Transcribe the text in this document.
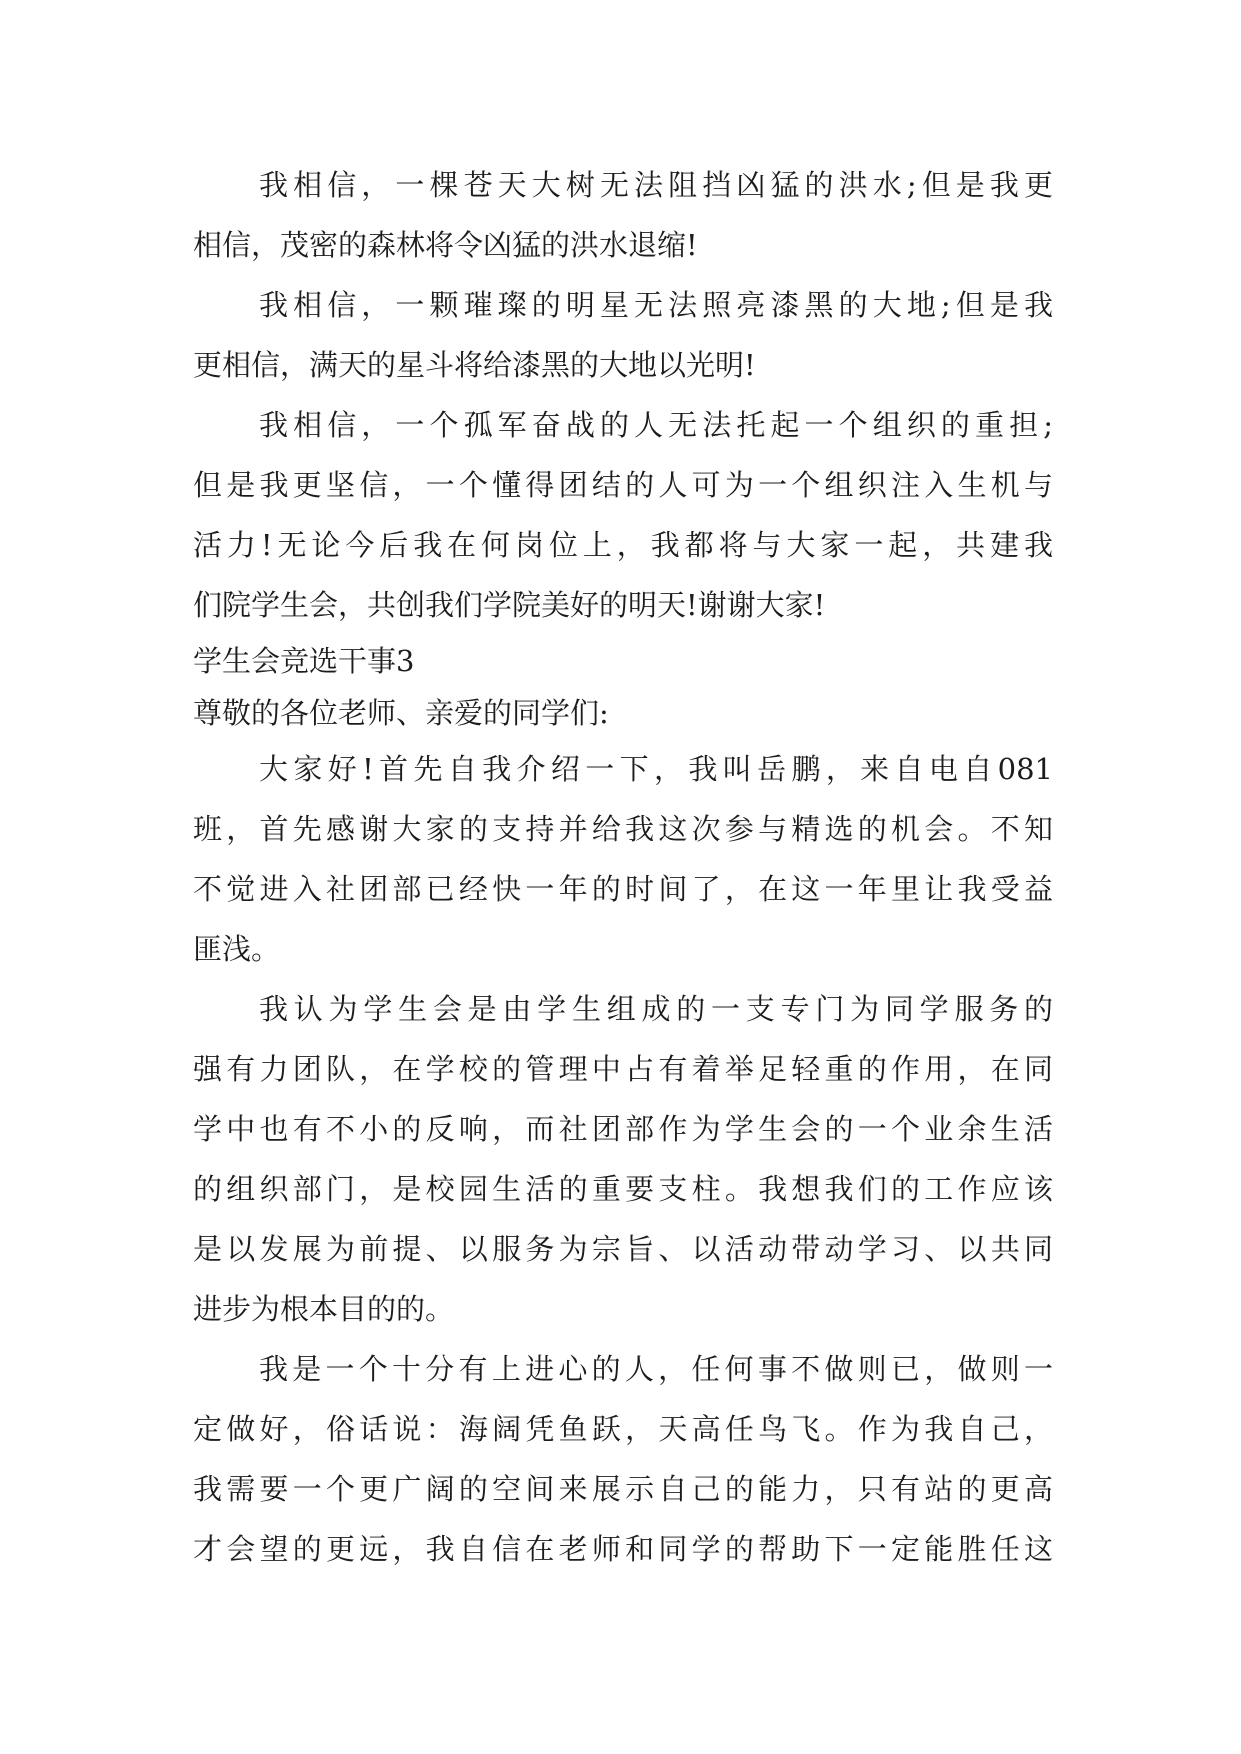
我相信，一棵苍天大树无法阻挡凶猛的洪水;但是我更
相信，茂密的森林将令凶猛的洪水退缩!
我相信，一颗璀璨的明星无法照亮漆黑的大地;但是我
更相信，满天的星斗将给漆黑的大地以光明!
我相信，一个孤军奋战的人无法托起一个组织的重担;
但是我更坚信，一个懂得团结的人可为一个组织注入生机与
活力!无论今后我在何岗位上，我都将与大家一起，共建我
们院学生会，共创我们学院美好的明天!谢谢大家!
学生会竞选干事3
尊敬的各位老师、亲爱的同学们:
大家好!首先自我介绍一下，我叫岳鹏，来自电自081
班，首先感谢大家的支持并给我这次参与精选的机会。不知
不觉进入社团部已经快一年的时间了，在这一年里让我受益
匪浅。
我认为学生会是由学生组成的一支专门为同学服务的
强有力团队，在学校的管理中占有着举足轻重的作用，在同
学中也有不小的反响，而社团部作为学生会的一个业余生活
的组织部门，是校园生活的重要支柱。我想我们的工作应该
是以发展为前提、以服务为宗旨、以活动带动学习、以共同
进步为根本目的的。
我是一个十分有上进心的人，任何事不做则已，做则一
定做好，俗话说：海阔凭鱼跃，天高任鸟飞。作为我自己，
我需要一个更广阔的空间来展示自己的能力，只有站的更高
才会望的更远，我自信在老师和同学的帮助下一定能胜任这
